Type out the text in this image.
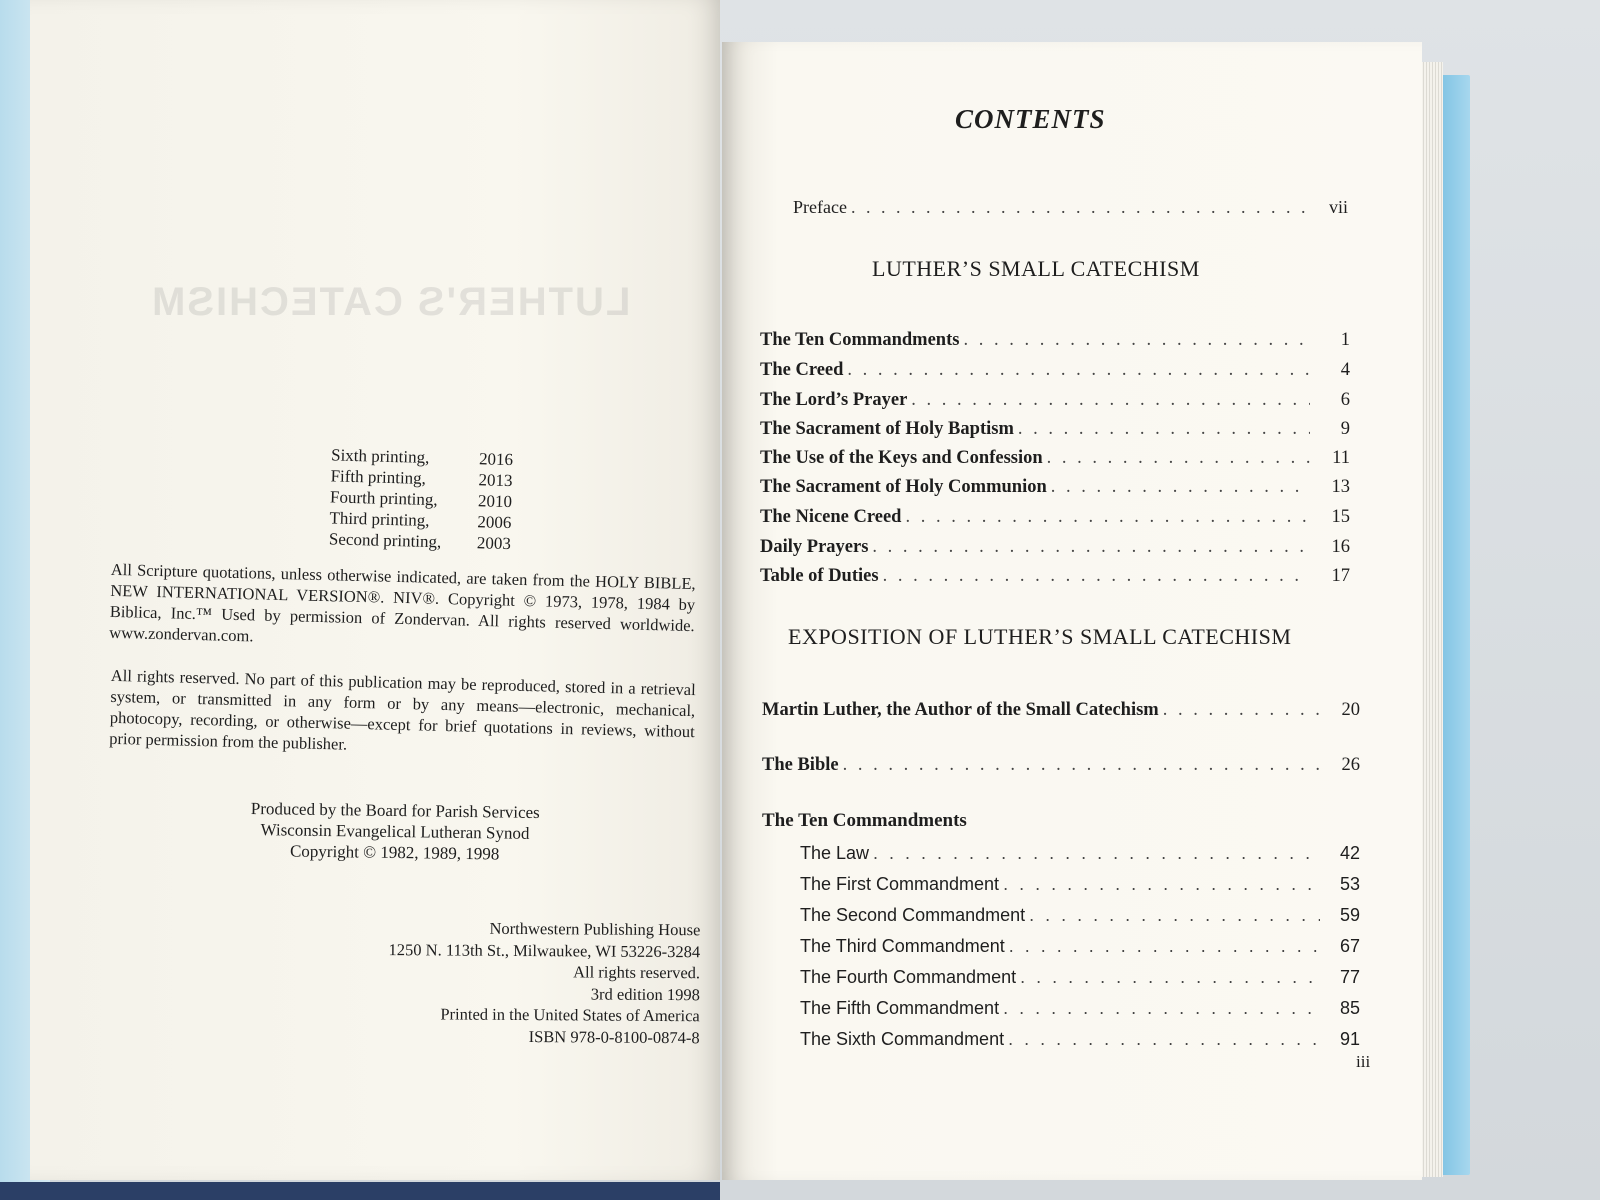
LUTHER'S CATECHISM
Sixth printing,	2016
Fifth printing,	2013
Fourth printing, 2010
Third printing,	2006
Second printing, 2003
All Scripture quotations, unless otherwise indicated, are taken from the HOLY BIBLE, NEW INTERNATIONAL VERSION®. NIV®. Copyright © 1973, 1978, 1984 by Biblica, Inc.™ Used by permission of Zondervan. All rights reserved worldwide. www.zondervan.com.
All rights reserved. No part of this publication may be reproduced, stored in a retrieval system, or transmitted in any form or by any means—electronic, mechanical, photocopy, recording, or otherwise—except for brief quotations in reviews, without prior permission from the publisher.
Produced by the Board for Parish Services
Wisconsin Evangelical Lutheran Synod
Copyright © 1982, 1989, 1998
Northwestern Publishing House
1250 N. 113th St., Milwaukee, WI 53226-3284
All rights reserved.
3rd edition 1998
Printed in the United States of America
ISBN 978-0-8100-0874-8
CONTENTS
Preface . . .	vii
LUTHER’S SMALL CATECHISM
The Ten Commandments . . .	1
The Creed . . .	4
The Lord’s Prayer . . .	6
The Sacrament of Holy Baptism . . .	9
The Use of the Keys and Confession . . .	11
The Sacrament of Holy Communion . . .	13
The Nicene Creed . . .	15
Daily Prayers . . .	16
Table of Duties . . .	17
EXPOSITION OF LUTHER’S SMALL CATECHISM
Martin Luther, the Author of the Small Catechism . . .	20
The Bible . . .	26
The Ten Commandments
The Law . . .	42
The First Commandment . . .	53
The Second Commandment . . .	59
The Third Commandment . . .	67
The Fourth Commandment . . .	77
The Fifth Commandment . . .	85
The Sixth Commandment . . .	91
iii
